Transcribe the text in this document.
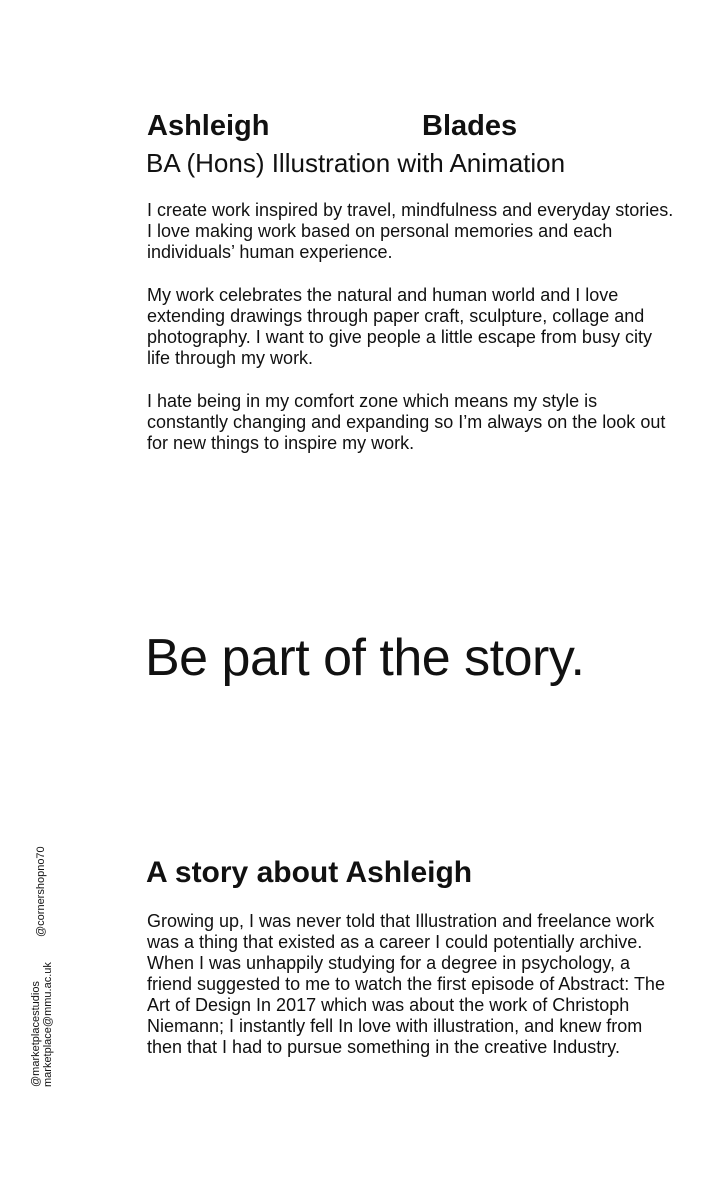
Ashleigh	Blades
BA (Hons) Illustration with Animation

I create work inspired by travel, mindfulness and everyday stories. I love making work based on personal memories and each individuals’ human experience.

My work celebrates the natural and human world and I love extending drawings through paper craft, sculpture, collage and photography. I want to give people a little escape from busy city life through my work.

I hate being in my comfort zone which means my style is constantly changing and expanding so I’m always on the look out for new things to inspire my work.

Be part of the story.
A story about Ashleigh

Growing up, I was never told that Illustration and freelance work was a thing that existed as a career I could potentially archive. When I was unhappily studying for a degree in psychology, a friend suggested to me to watch the first episode of Abstract: The Art of Design In 2017 which was about the work of Christoph Niemann; I instantly fell In love with illustration, and knew from then that I had to pursue something in the creative Industry.

@marketplacestudios marketplace@mmu.ac.uk
@cornershopno70
